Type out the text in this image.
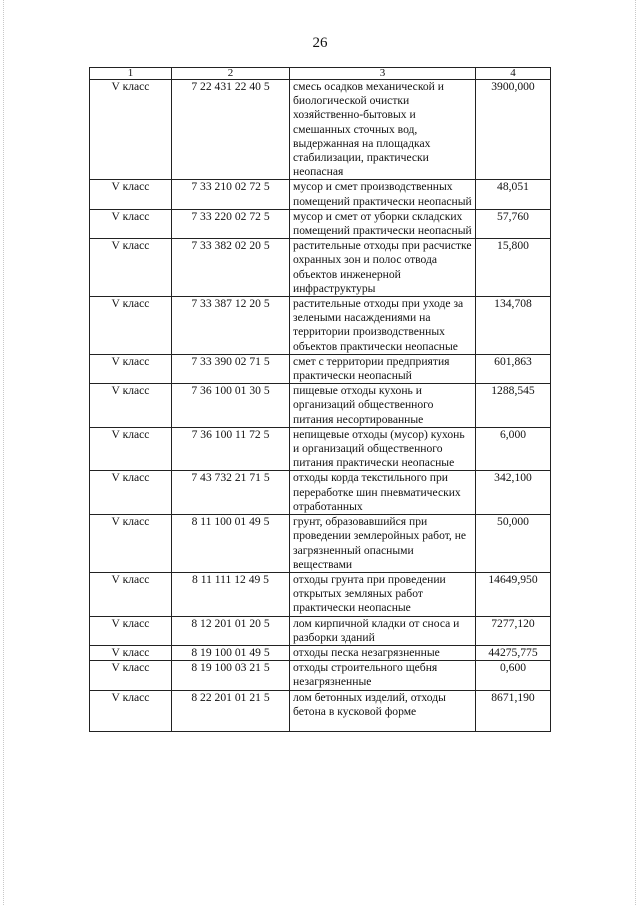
26
1	2	3	4
V класс	7 22 431 22 40 5	смесь осадков механической и биологической очистки хозяйственно-бытовых и смешанных сточных вод, выдержанная на площадках стабилизации, практически неопасная	3900,000
V класс	7 33 210 02 72 5	мусор и смет производственных помещений практически неопасный	48,051
V класс	7 33 220 02 72 5	мусор и смет от уборки складских помещений практически неопасный	57,760
V класс	7 33 382 02 20 5	растительные отходы при расчистке охранных зон и полос отвода объектов инженерной инфраструктуры	15,800
V класс	7 33 387 12 20 5	растительные отходы при уходе за зелеными насаждениями на территории производственных объектов практически неопасные	134,708
V класс	7 33 390 02 71 5	смет с территории предприятия практически неопасный	601,863
V класс	7 36 100 01 30 5	пищевые отходы кухонь и организаций общественного питания несортированные	1288,545
V класс	7 36 100 11 72 5	непищевые отходы (мусор) кухонь и организаций общественного питания практически неопасные	6,000
V класс	7 43 732 21 71 5	отходы корда текстильного при переработке шин пневматических отработанных	342,100
V класс	8 11 100 01 49 5	грунт, образовавшийся при проведении землеройных работ, не загрязненный опасными веществами	50,000
V класс	8 11 111 12 49 5	отходы грунта при проведении открытых земляных работ практически неопасные	14649,950
V класс	8 12 201 01 20 5	лом кирпичной кладки от сноса и разборки зданий	7277,120
V класс	8 19 100 01 49 5	отходы песка незагрязненные	44275,775
V класс	8 19 100 03 21 5	отходы строительного щебня незагрязненные	0,600
V класс	8 22 201 01 21 5	лом бетонных изделий, отходы бетона в кусковой форме	8671,190
